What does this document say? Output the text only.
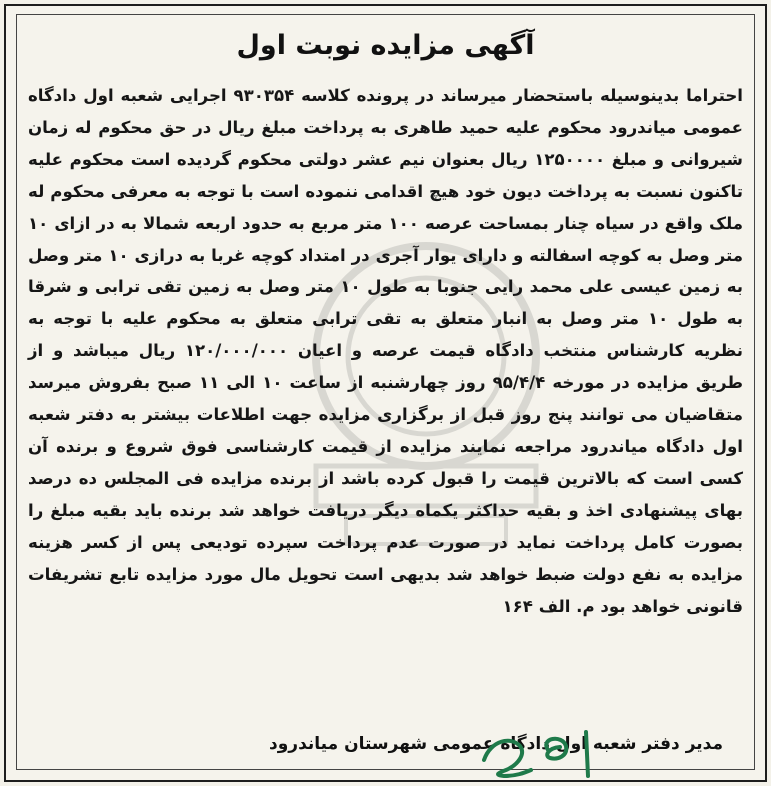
آگهی مزایده نوبت اول
احتراما بدینوسیله باستحضار میرساند در پرونده کلاسه ۹۳۰۳۵۴ اجرایی شعبه اول دادگاه عمومی میاندرود محکوم علیه حمید طاهری به پرداخت مبلغ ریال در حق محکوم له زمان شیروانی و مبلغ ۱۲۵۰۰۰۰ ریال بعنوان نیم عشر دولتی محکوم گردیده است محکوم علیه تاکنون نسبت به پرداخت دیون خود هیچ اقدامی ننموده است با توجه به معرفی محکوم له ملک واقع در سیاه چنار بمساحت عرصه ۱۰۰ متر مربع به حدود اربعه شمالا به در ازای ۱۰ متر وصل به کوچه اسفالته و دارای یوار آجری در امتداد کوچه غربا به درازی ۱۰ متر وصل به زمین عیسی علی محمد رایی جنوبا به طول ۱۰ متر وصل به زمین تقی ترابی و شرقا به طول ۱۰ متر وصل به انبار متعلق به تقی ترابی متعلق به محکوم علیه با توجه به نظریه کارشناس منتخب دادگاه قیمت عرصه و اعیان ۱۲۰/۰۰۰/۰۰۰ ریال میباشد و از طریق مزایده در مورخه ۹۵/۴/۴ روز چهارشنبه از ساعت ۱۰ الی ۱۱ صبح بفروش میرسد متقاضیان می توانند پنج روز قبل از برگزاری مزایده جهت اطلاعات بیشتر به دفتر شعبه اول دادگاه میاندرود مراجعه نمایند مزایده از قیمت کارشناسی فوق شروع و برنده آن کسی است که بالاترین قیمت را قبول کرده باشد از برنده مزایده فی المجلس ده درصد بهای پیشنهادی اخذ و بقیه حداکثر یکماه دیگر دریافت خواهد شد برنده باید بقیه مبلغ را بصورت کامل پرداخت نماید در صورت عدم پرداخت سپرده تودیعی پس از کسر هزینه مزایده به نفع دولت ضبط خواهد شد بدیهی است تحویل مال مورد مزایده تابع تشریفات قانونی خواهد بود م. الف ۱۶۴
مدیر دفتر شعبه اول دادگاه عمومی شهرستان میاندرود
